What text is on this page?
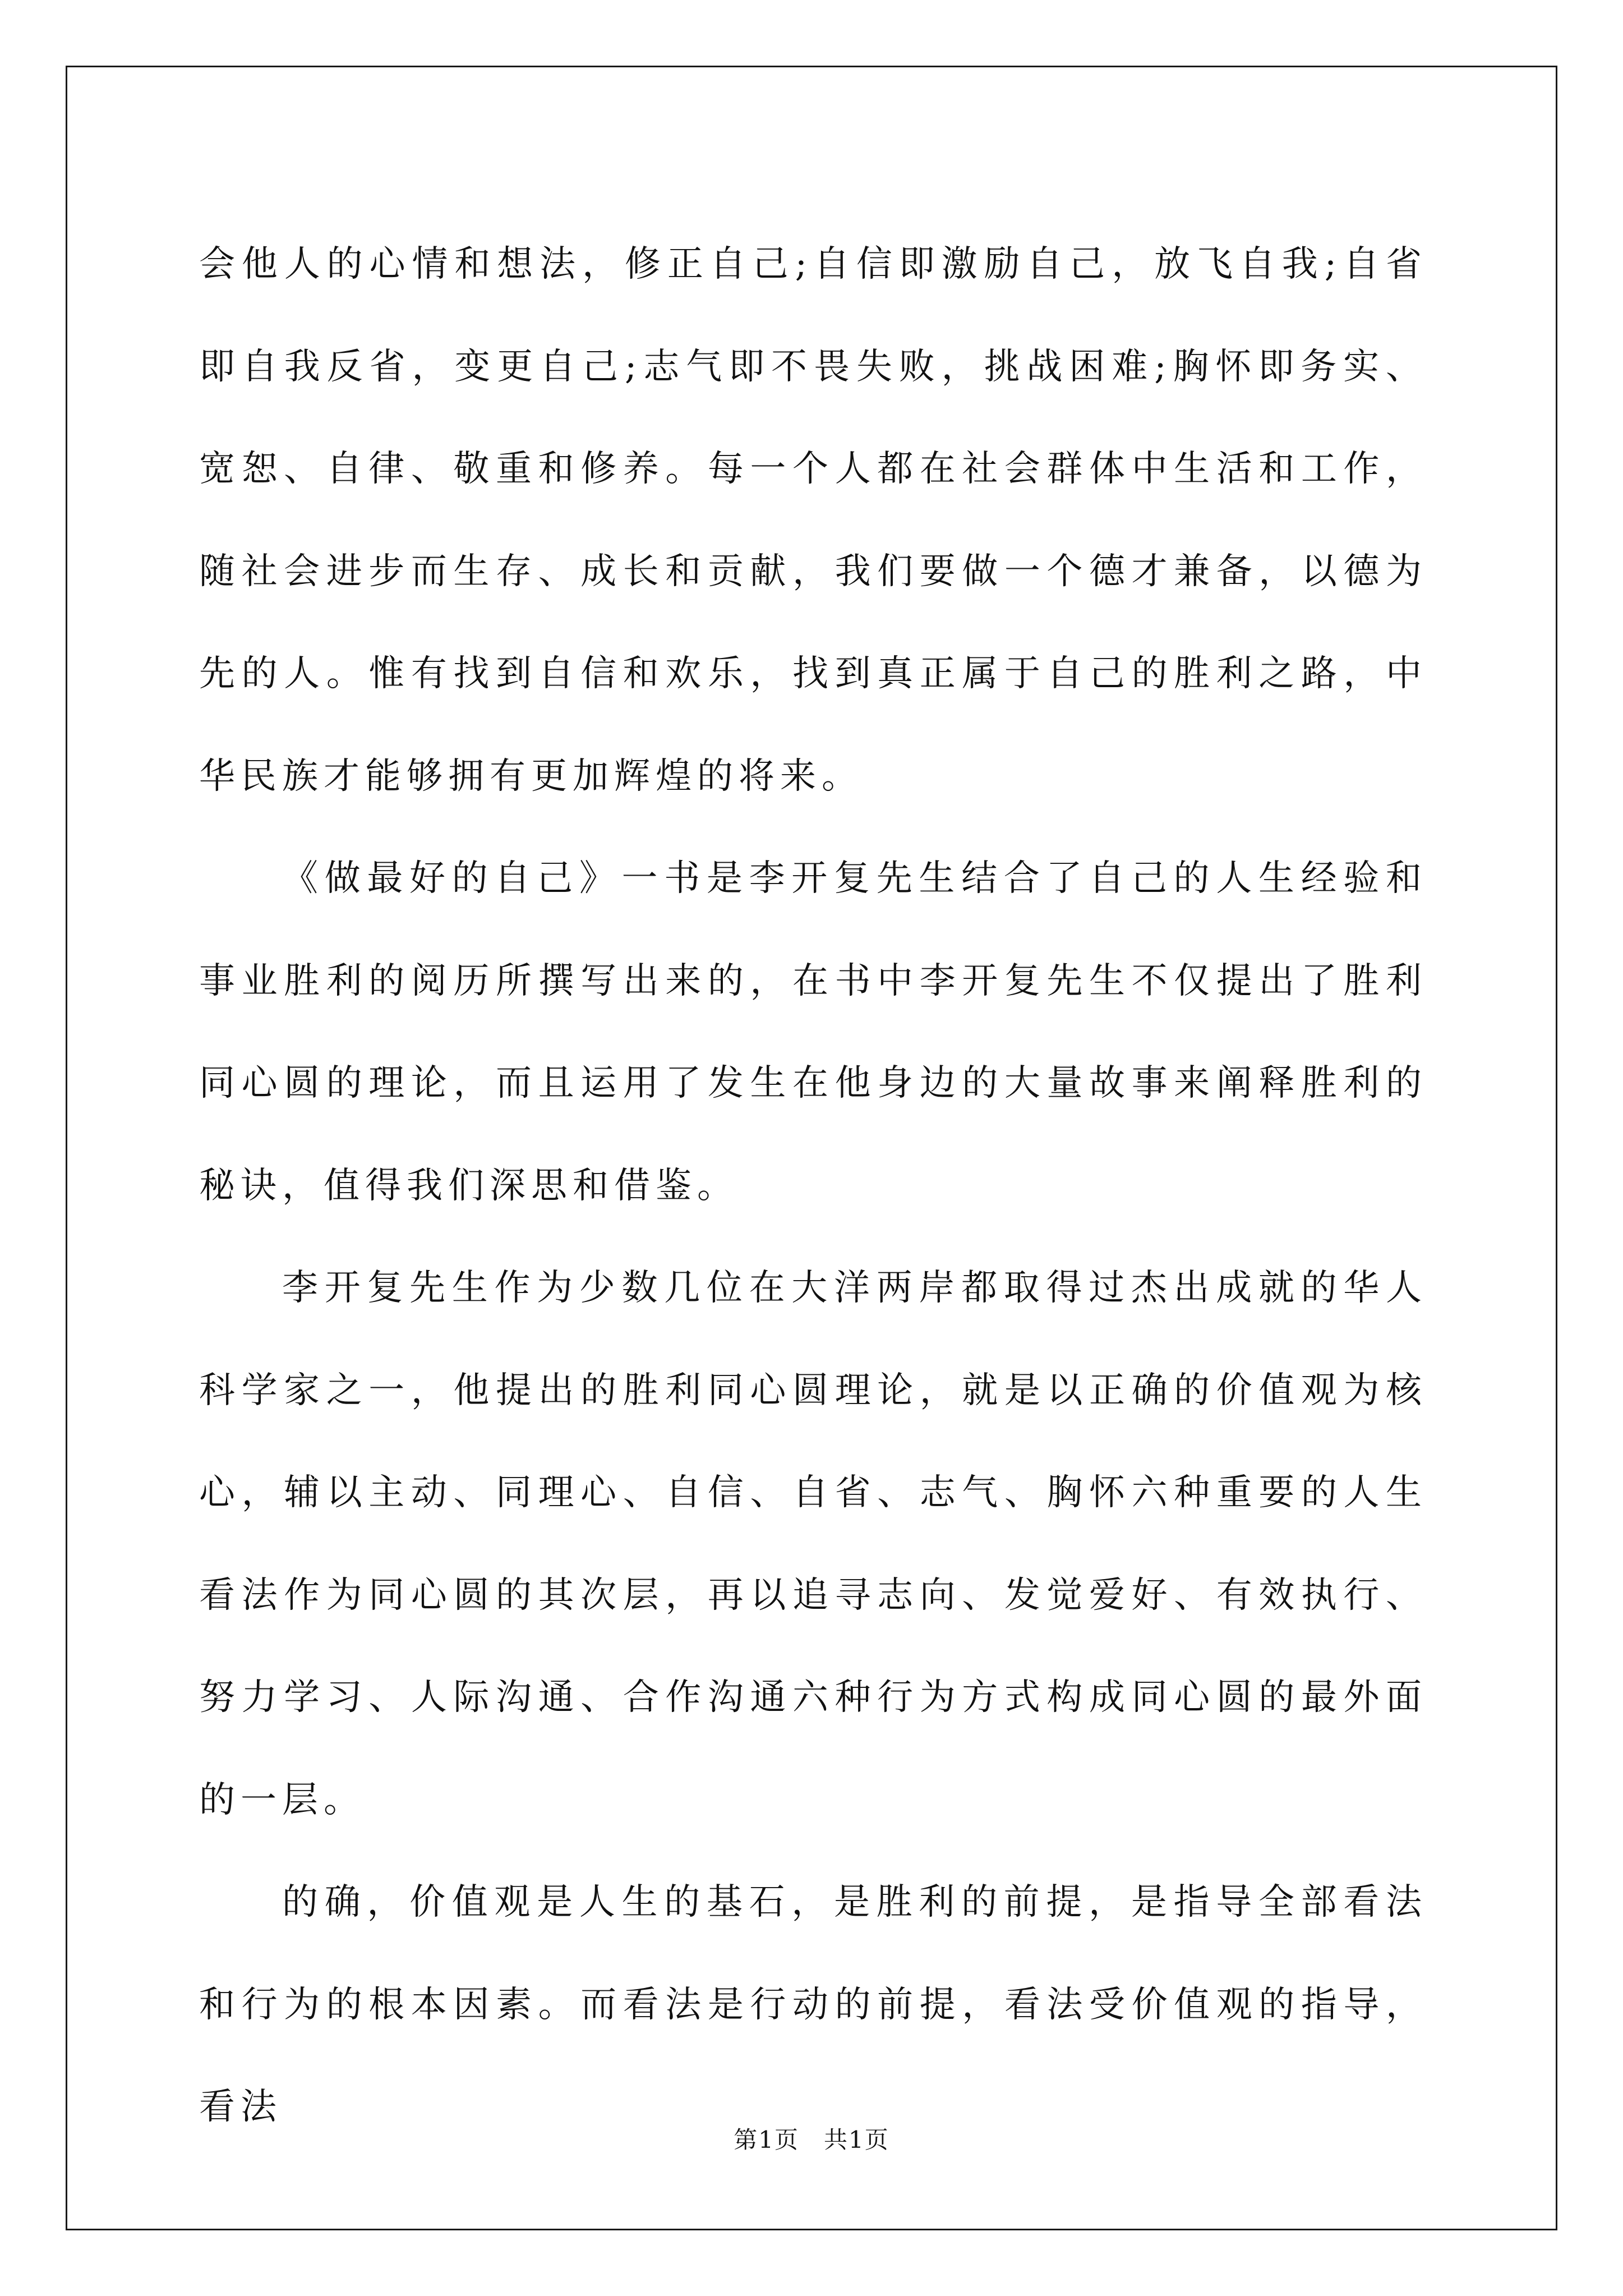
会他人的心情和想法，修正自己;自信即激励自己，放飞自我;自省即自我反省，变更自己;志气即不畏失败，挑战困难;胸怀即务实、宽恕、自律、敬重和修养。每一个人都在社会群体中生活和工作，随社会进步而生存、成长和贡献，我们要做一个德才兼备，以德为先的人。惟有找到自信和欢乐，找到真正属于自己的胜利之路，中华民族才能够拥有更加辉煌的将来。

《做最好的自己》一书是李开复先生结合了自己的人生经验和事业胜利的阅历所撰写出来的，在书中李开复先生不仅提出了胜利同心圆的理论，而且运用了发生在他身边的大量故事来阐释胜利的秘诀，值得我们深思和借鉴。

李开复先生作为少数几位在大洋两岸都取得过杰出成就的华人科学家之一，他提出的胜利同心圆理论，就是以正确的价值观为核心，辅以主动、同理心、自信、自省、志气、胸怀六种重要的人生看法作为同心圆的其次层，再以追寻志向、发觉爱好、有效执行、努力学习、人际沟通、合作沟通六种行为方式构成同心圆的最外面的一层。

的确，价值观是人生的基石，是胜利的前提，是指导全部看法和行为的根本因素。而看法是行动的前提，看法受价值观的指导，看法

第1页　共1页
